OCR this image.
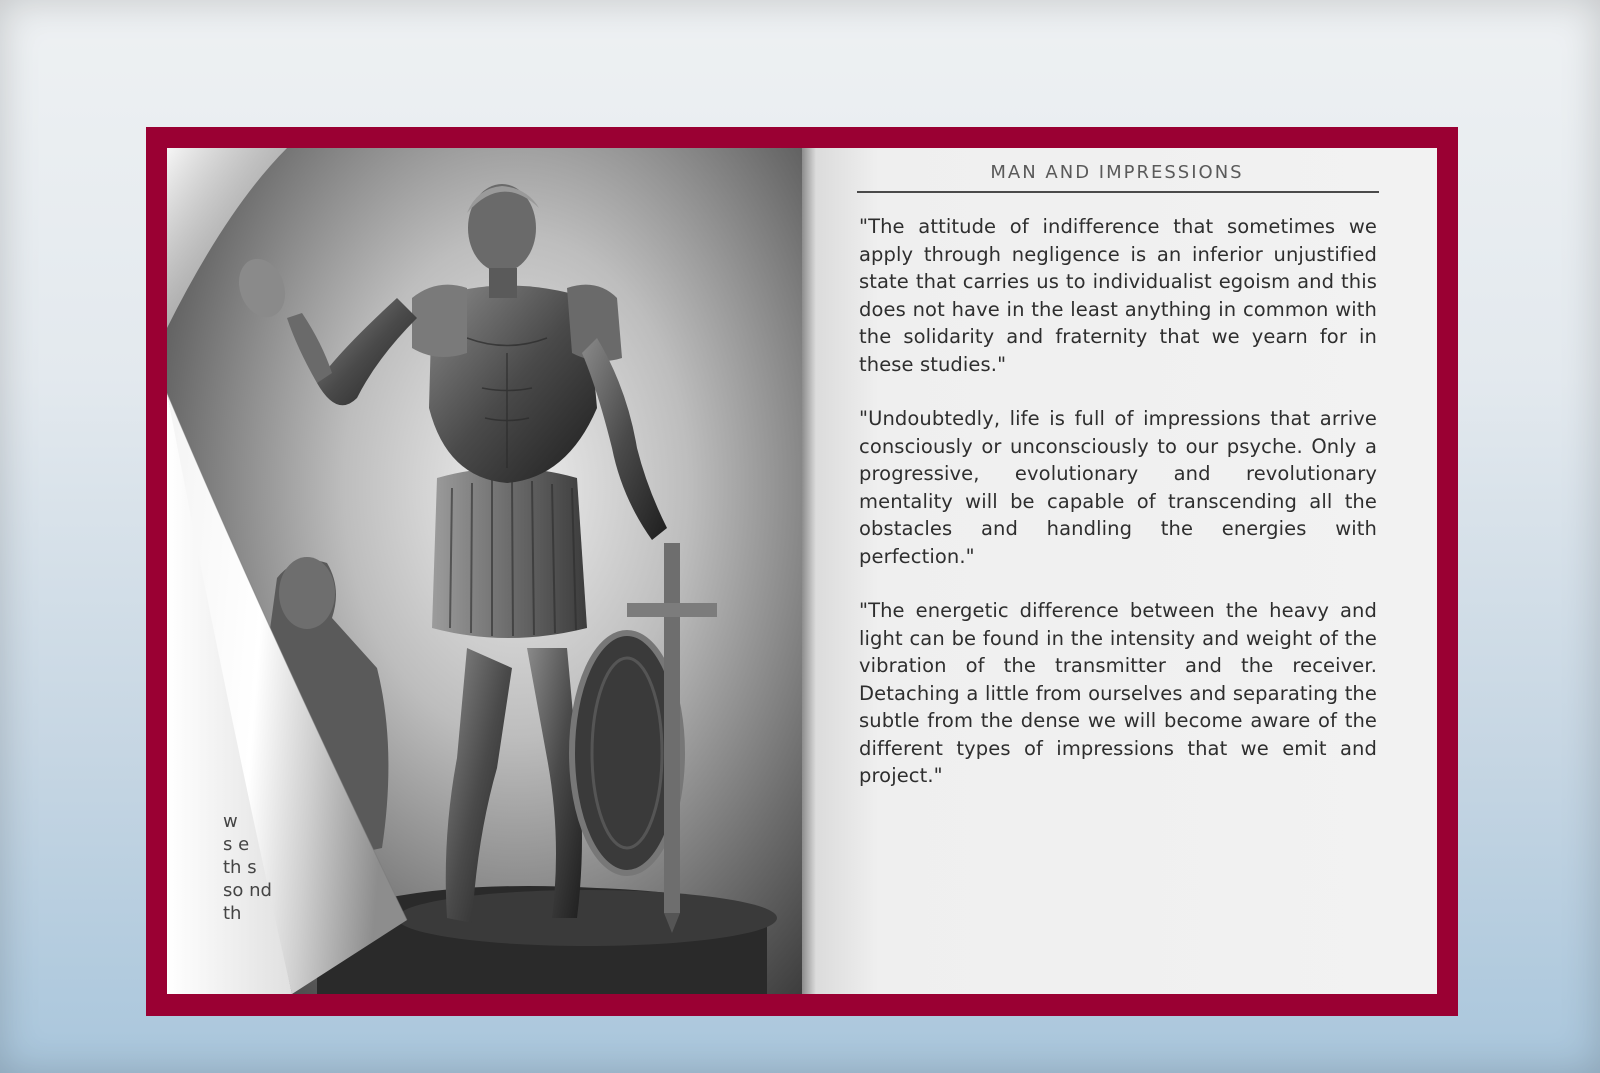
w
s e
th s
so nd
th
MAN AND IMPRESSIONS

"The attitude of indifference that sometimes we apply through negligence is an inferior unjustified state that carries us to individualist egoism and this does not have in the least anything in common with the solidarity and fraternity that we yearn for in these studies."

"Undoubtedly, life is full of impressions that arrive consciously or unconsciously to our psyche. Only a progressive, evolutionary and revolutionary mentality will be capable of transcending all the obstacles and handling the energies with perfection."

"The energetic difference between the heavy and light can be found in the intensity and weight of the vibration of the transmitter and the receiver. Detaching a little from ourselves and separating the subtle from the dense we will become aware of the different types of impressions that we emit and project."
